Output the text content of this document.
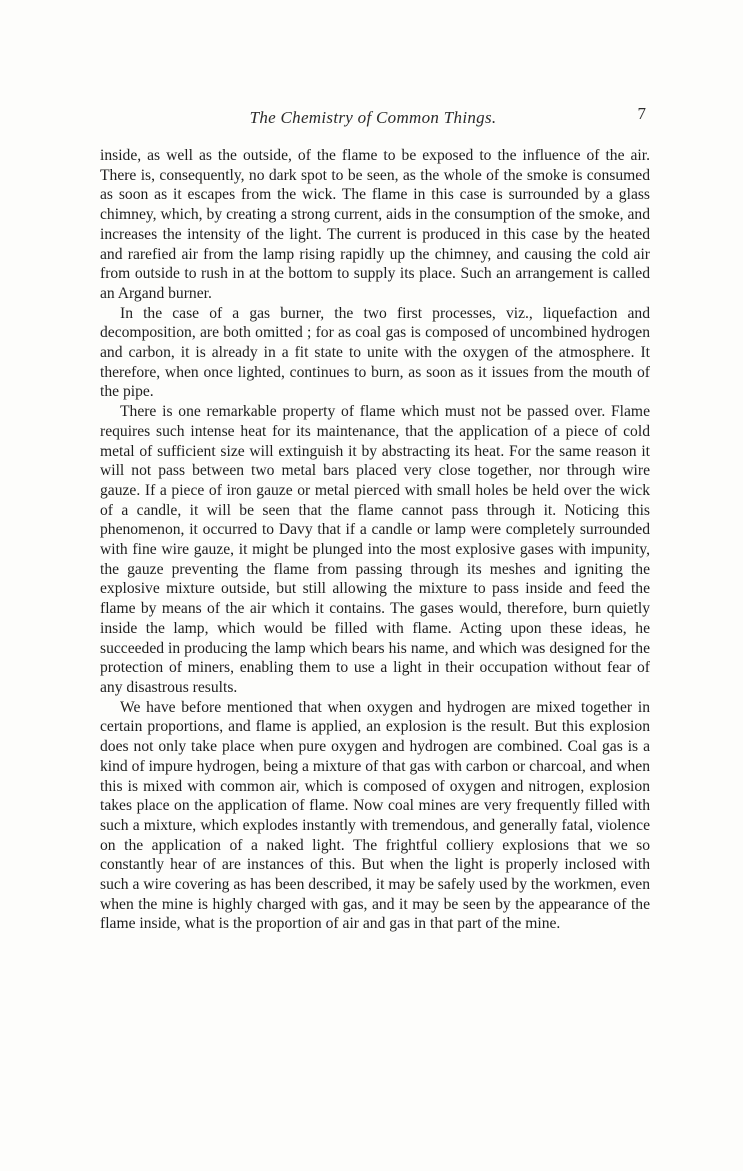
The Chemistry of Common Things.	7

inside, as well as the outside, of the flame to be exposed to the influence of the air. There is, consequently, no dark spot to be seen, as the whole of the smoke is consumed as soon as it escapes from the wick. The flame in this case is surrounded by a glass chimney, which, by creating a strong current, aids in the consumption of the smoke, and increases the intensity of the light. The current is produced in this case by the heated and rarefied air from the lamp rising rapidly up the chimney, and causing the cold air from outside to rush in at the bottom to supply its place. Such an arrangement is called an Argand burner.

In the case of a gas burner, the two first processes, viz., liquefaction and decomposition, are both omitted ; for as coal gas is composed of uncombined hydrogen and carbon, it is already in a fit state to unite with the oxygen of the atmosphere. It therefore, when once lighted, continues to burn, as soon as it issues from the mouth of the pipe.

There is one remarkable property of flame which must not be passed over. Flame requires such intense heat for its maintenance, that the application of a piece of cold metal of sufficient size will extinguish it by abstracting its heat. For the same reason it will not pass between two metal bars placed very close together, nor through wire gauze. If a piece of iron gauze or metal pierced with small holes be held over the wick of a candle, it will be seen that the flame cannot pass through it. Noticing this phenomenon, it occurred to Davy that if a candle or lamp were completely surrounded with fine wire gauze, it might be plunged into the most explosive gases with impunity, the gauze preventing the flame from passing through its meshes and igniting the explosive mixture outside, but still allowing the mixture to pass inside and feed the flame by means of the air which it contains. The gases would, therefore, burn quietly inside the lamp, which would be filled with flame. Acting upon these ideas, he succeeded in producing the lamp which bears his name, and which was designed for the protection of miners, enabling them to use a light in their occupation without fear of any disastrous results.

We have before mentioned that when oxygen and hydrogen are mixed together in certain proportions, and flame is applied, an explosion is the result. But this explosion does not only take place when pure oxygen and hydrogen are combined. Coal gas is a kind of impure hydrogen, being a mixture of that gas with carbon or charcoal, and when this is mixed with common air, which is composed of oxygen and nitrogen, explosion takes place on the application of flame. Now coal mines are very frequently filled with such a mixture, which explodes instantly with tremendous, and generally fatal, violence on the application of a naked light. The frightful colliery explosions that we so constantly hear of are instances of this. But when the light is properly inclosed with such a wire covering as has been described, it may be safely used by the workmen, even when the mine is highly charged with gas, and it may be seen by the appearance of the flame inside, what is the proportion of air and gas in that part of the mine.
